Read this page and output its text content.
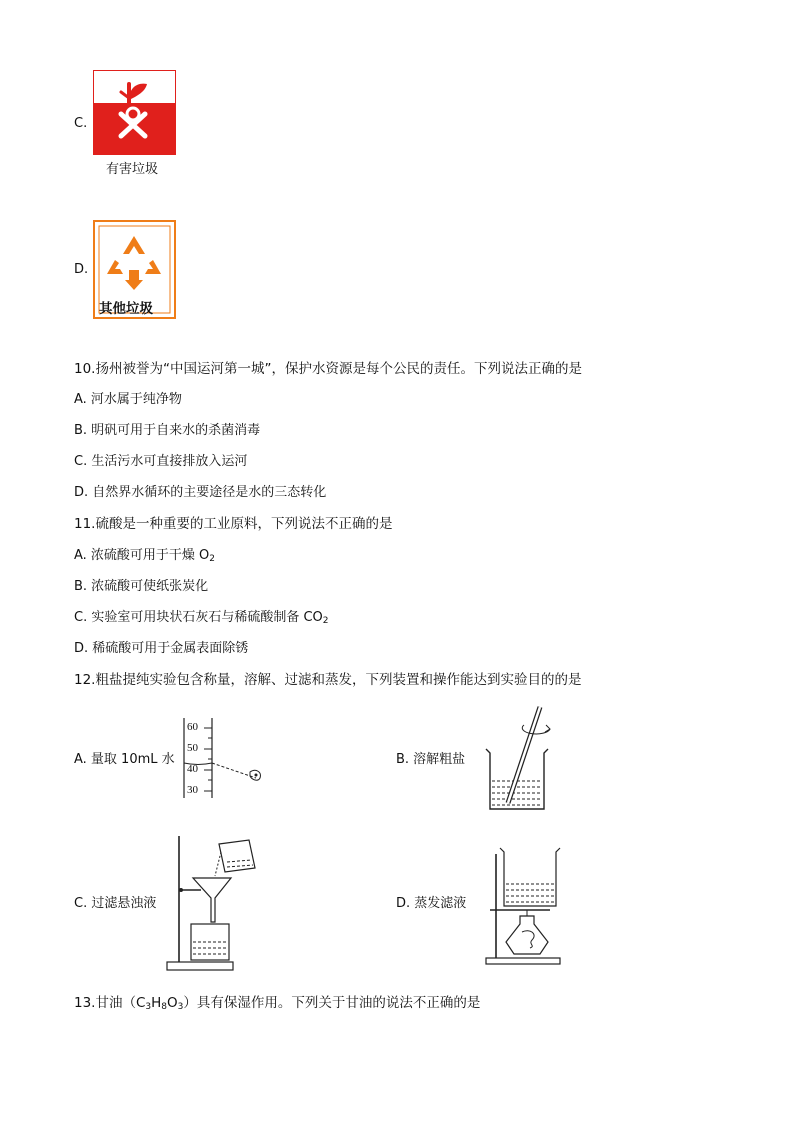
C.
有害垃圾
D.
其他垃圾
10.扬州被誉为“中国运河第一城”，保护水资源是每个公民的责任。下列说法正确的是
A. 河水属于纯净物
B. 明矾可用于自来水的杀菌消毒
C. 生活污水可直接排放入运河
D. 自然界水循环的主要途径是水的三态转化
11.硫酸是一种重要的工业原料，下列说法不正确的是
A. 浓硫酸可用于干燥 $O_2$
B. 浓硫酸可使纸张炭化
C. 实验室可用块状石灰石与稀硫酸制备 $CO_2$
D. 稀硫酸可用于金属表面除锈
12.粗盐提纯实验包含称量，溶解、过滤和蒸发，下列装置和操作能达到实验目的的是
A. 量取 10mL 水
60
50
40
30
B. 溶解粗盐
C. 过滤悬浊液	D. 蒸发滤液
13.甘油$(C_3H_8O_3)$具有保湿作用。下列关于甘油的说法不正确的是
